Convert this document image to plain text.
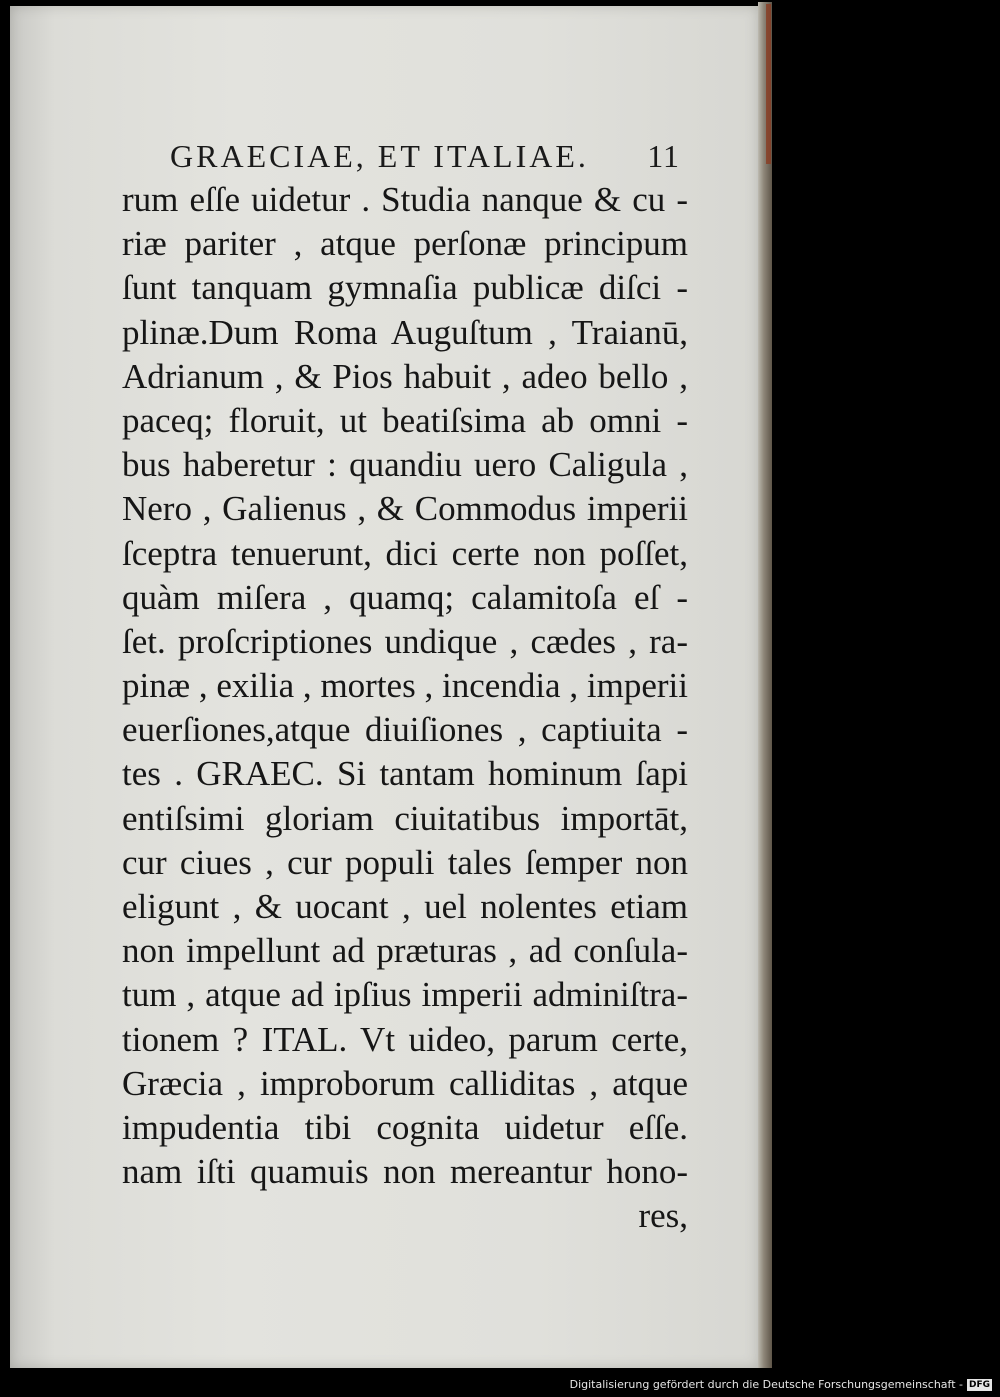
GRAECIAE, ET ITALIAE. 11
rum eſſe uidetur . Studia nanque & cu -
riæ pariter , atque perſonæ principum
ſunt tanquam gymnaſia publicæ diſci -
plinæ.Dum Roma Auguſtum , Traianū,
Adrianum , & Pios habuit , adeo bello ,
paceq; floruit, ut beatiſsima ab omni -
bus haberetur : quandiu uero Caligula ,
Nero , Galienus , & Commodus imperii
ſceptra tenuerunt, dici certe non poſſet,
quàm miſera , quamq; calamitoſa eſ -
ſet. proſcriptiones undique , cædes , ra-
pinæ , exilia , mortes , incendia , imperii
euerſiones,atque diuiſiones , captiuita -
tes . GRAEC. Si tantam hominum ſapi
entiſsimi gloriam ciuitatibus importāt,
cur ciues , cur populi tales ſemper non
eligunt , & uocant , uel nolentes etiam
non impellunt ad præturas , ad conſula-
tum , atque ad ipſius imperii adminiſtra-
tionem ? ITAL. Vt uideo, parum certe,
Græcia , improborum calliditas , atque
impudentia tibi cognita uidetur eſſe.
nam iſti quamuis non mereantur hono-
res,
Digitalisierung gefördert durch die Deutsche Forschungsgemeinschaft - DFG
